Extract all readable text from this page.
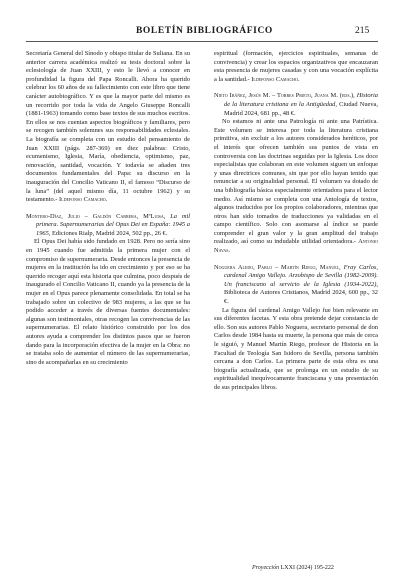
BOLETÍN BIBLIOGRÁFICO	215

Secretaría General del Sínodo y obispo titular de Suliana. En su anterior carrera académica realizó su tesis doctoral sobre la eclesiología de Juan XXIII, y esto le llevó a conocer en profundidad la figura del Papa Roncalli. Ahora ha querido celebrar los 60 años de su fallecimiento con este libro que tiene carácter autobiográfico. Y es que la mayor parte del mismo es un recorrido por toda la vida de Angelo Giuseppe Roncalli (1881-1963) tomando como base textos de sus muchos escritos. En ellos se nos cuentan aspectos biográficos y familiares, pero se recogen también solemnes sus responsabilidades eclesiales. La biografía se completa con un estudio del pensamiento de Juan XXIII (págs. 287-369) en diez palabras: Cristo, ecumenismo, Iglesia, María, obediencia, optimismo, paz, renovación, santidad, vocación. Y todavía se añaden tres documentos fundamentales del Papa: su discurso en la inauguración del Concilio Vaticano II, el famoso “Discurso de la luna” (del aquel mismo día, 11 octubre 1962) y su testamento.- Ildefonso Camacho.

Montero-Díaz, Julio – Galdón Cabrera, MªLuisa, La mil primera. Supernumerarias del Opus Dei en España: 1945 a 1965, Ediciones Rialp, Madrid 2024, 502 pp., 26 €.

El Opus Dei había sido fundado en 1928. Pero no sería sino en 1945 cuando fue admitida la primera mujer con el compromiso de supernumeraria. Desde entonces la presencia de mujeres en la institución ha ido en crecimiento y por eso se ha querido recoger aquí esta historia que culmina, poco después de inaugurado el Concilio Vaticano II, cuando ya la presencia de la mujer en el Opus parece plenamente consolidada. En total se ha trabajado sobre un colectivo de 983 mujeres, a las que se ha podido acceder a través de diversas fuentes documentales: algunas son testimoniales, otras recogen las convivencias de las supernumerarias. El relato histórico construido por los dos autores ayuda a comprender los distintos pasos que se fueron dando para la incorporación efectiva de la mujer en la Obra: no se trataba solo de aumentar el número de las supernumerarias, sino de acompañarlas en su crecimiento

espiritual (formación, ejercicios espirituales, semanas de convivencia) y crear los espacios organizativos que encauzaran esta presencia de mujeres casadas y con una vocación explícita a la santidad.- Ildefonso Camacho.

Nieto Ibáñez, Jesús M. – Torres Prieto, Juana M. (eds.), Historia de la literatura cristiana en la Antigüedad, Ciudad Nueva, Madrid 2024, 681 pp., 48 €.

No estamos ni ante una Patrología ni ante una Patrística. Este volumen se interesa por toda la literatura cristiana primitiva, sin excluir a los autores considerados heréticos, por el interés que ofrecen también sus puntos de vista en controversia con las doctrinas seguidas por la Iglesia. Los doce especialistas que colaboran en este volumen siguen un enfoque y unas directrices comunes, sin que por ello hayan tenido que renunciar a su originalidad personal. El volumen va dotado de una bibliografía básica especialmente orientadora para el lector medio. Así mismo se completa con una Antología de textos, algunos traducidos por los propios colaboradores, mientras que otros han sido tomados de traducciones ya validadas en el campo científico. Solo con asomarse al índice se puede comprender el gran valor y la gran amplitud del trabajo realizado, así como su indudable utilidad orientadora.- Antonio Navas.

Noguera Aledo, Pablo – Martín Riego, Manuel, Fray Carlos, cardenal Amigo Vallejo. Arzobispo de Sevilla (1982-2009). Un franciscano al servicio de la Iglesia (1934-2022), Biblioteca de Autores Cristianos, Madrid 2024, 600 pp., 32 €.

La figura del cardenal Amigo Vallejo fue bien relevante en sus diferentes facetas. Y esta obra pretende dejar constancia de ello. Son sus autores Pablo Noguera, secretario personal de don Carlos desde 1984 hasta su muerte, la persona que más de cerca le siguió, y Manuel Martín Riego, profesor de Historia en la Facultad de Teología San Isidoro de Sevilla, persona también cercana a don Carlos. La primera parte de esta obra es una biografía actualizada, que se prolonga en un estudio de su espiritualidad inequívocamente franciscana y una presentación de sus principales libros.

Proyección LXXI (2024) 195-222
